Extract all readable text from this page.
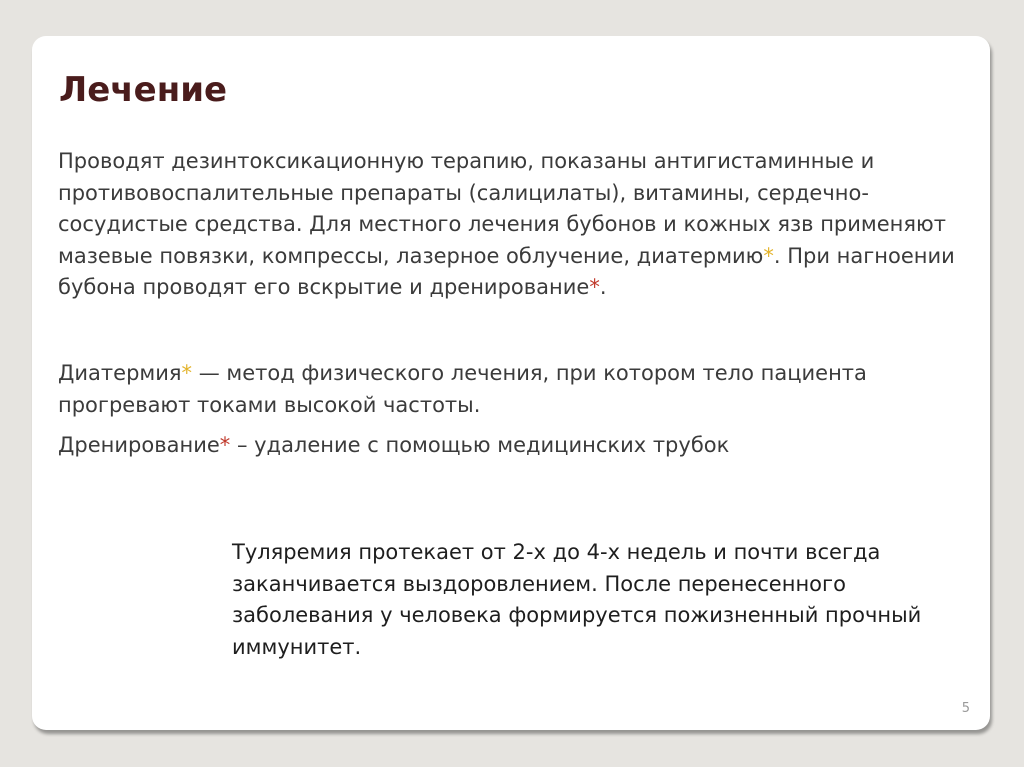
Лечение

Проводят дезинтоксикационную терапию, показаны антигистаминные и противовоспалительные препараты (салицилаты), витамины, сердечно-сосудистые средства. Для местного лечения бубонов и кожных язв применяют мазевые повязки, компрессы, лазерное облучение, диатермию*. При нагноении бубона проводят его вскрытие и дренирование*.

Диатермия* — метод физического лечения, при котором тело пациента прогревают токами высокой частоты.

Дренирование* – удаление с помощью медицинских трубок

Туляремия протекает от 2-х до 4-х недель и почти всегда заканчивается выздоровлением. После перенесенного заболевания у человека формируется пожизненный прочный иммунитет.

5
